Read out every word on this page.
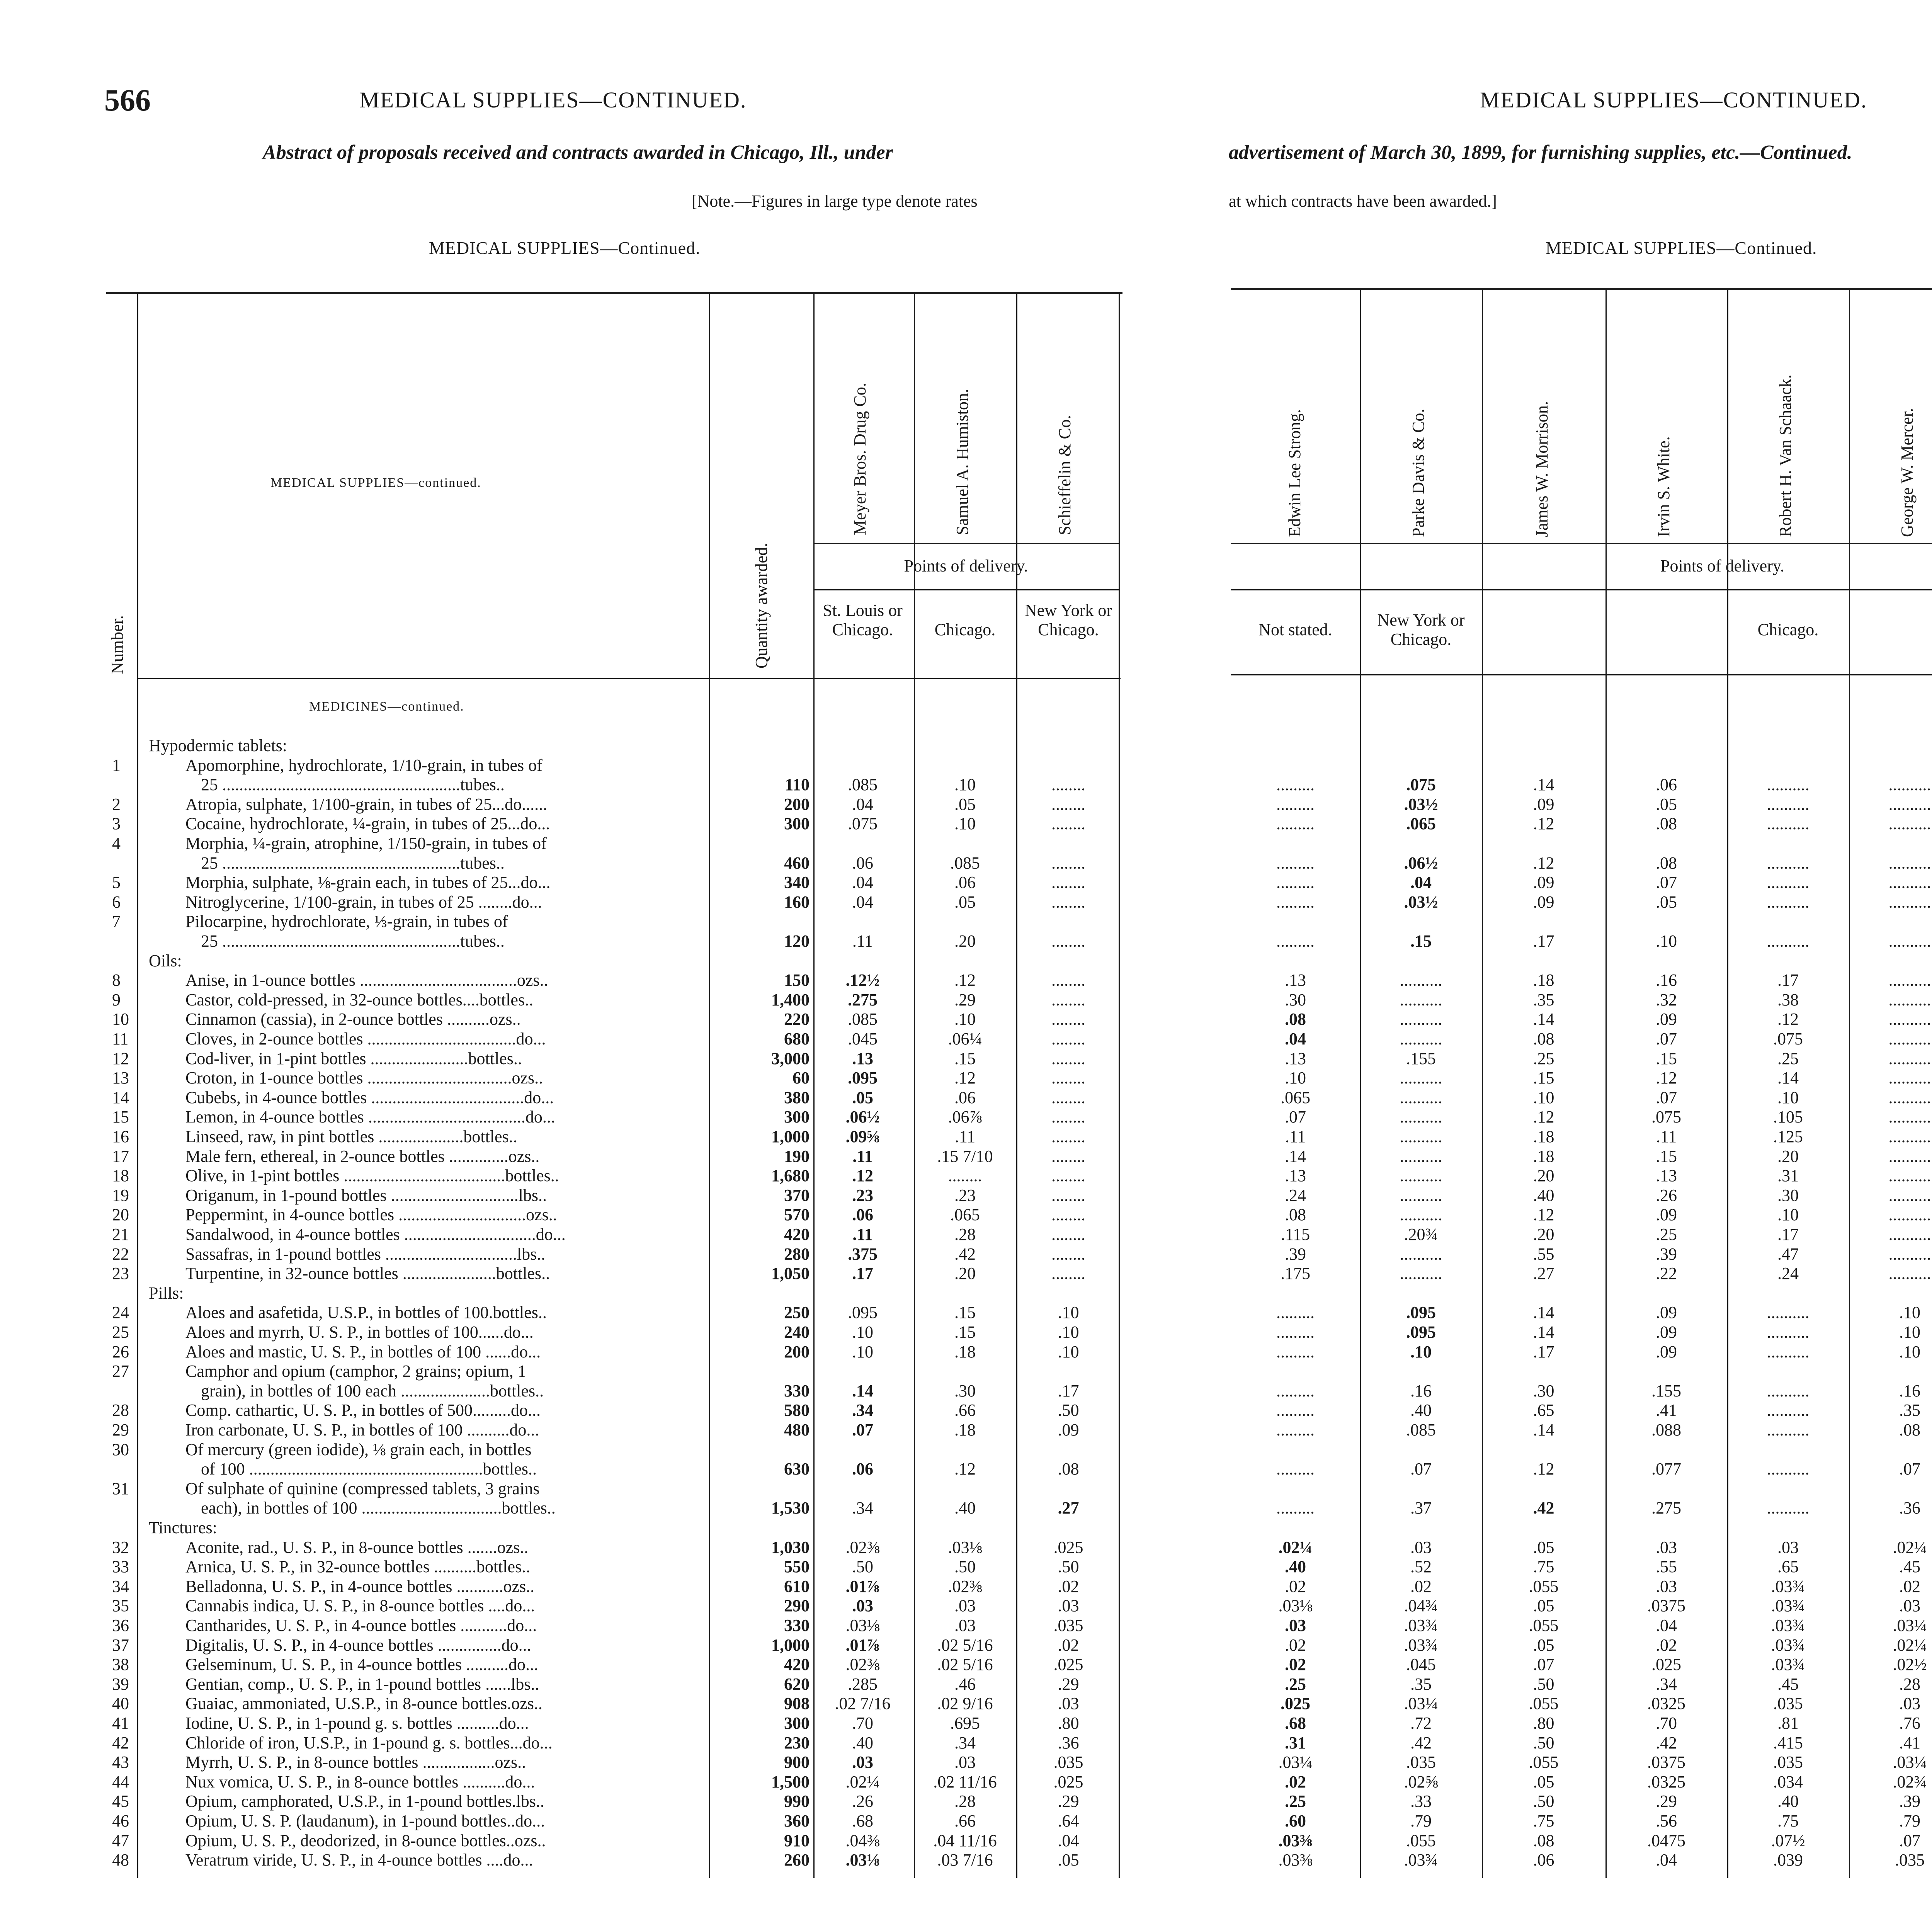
566	MEDICAL SUPPLIES—CONTINUED.
Abstract of proposals received and contracts awarded in Chicago, Ill., under
[Note.—Figures in large type denote rates
MEDICAL SUPPLIES—Continued.
MEDICAL SUPPLIES—CONTINUED.
advertisement of March 30, 1899, for furnishing supplies, etc.—Continued.
at which contracts have been awarded.]
MEDICAL SUPPLIES—Continued.
Number.
MEDICAL SUPPLIES—continued.
Quantity awarded.
Meyer Bros. Drug Co.	Samuel A. Humiston.	Schieffelin & Co.
Points of delivery.
St. Louis or Chicago.	Chicago.
New York or Chicago.
MEDICINES—continued.
Edwin Lee Strong.	Parke Davis & Co.	James W. Morrison.	Irvin S. White.	Robert H. Van Schaack.	George W. Mercer.
Points of delivery.
Not stated.
New York or Chicago.
Chicago.
Hypodermic tablets:
1	Apomorphine, hydrochlorate, 1/10-grain, in tubes of
25 ........................................................tubes..	110	.085	.10	........	.........	.075	.14	.06	..........	..........
2	Atropia, sulphate, 1/100-grain, in tubes of 25...do......	200	.04	.05	........	.........	.03½	.09	.05	..........	..........
3	Cocaine, hydrochlorate, ¼-grain, in tubes of 25...do...	300	.075	.10	........	.........	.065	.12	.08	..........	..........
4	Morphia, ¼-grain, atrophine, 1/150-grain, in tubes of
25 ........................................................tubes..	460	.06	.085	........	.........	.06½	.12	.08	..........	..........
5	Morphia, sulphate, ⅛-grain each, in tubes of 25...do...	340	.04	.06	........	.........	.04	.09	.07	..........	..........
6	Nitroglycerine, 1/100-grain, in tubes of 25 ........do...	160	.04	.05	........	.........	.03½	.09	.05	..........	..........
7	Pilocarpine, hydrochlorate, ⅓-grain, in tubes of
25 ........................................................tubes..	120	.11	.20	........	.........	.15	.17	.10	..........	..........
Oils:
8	Anise, in 1-ounce bottles .....................................ozs..	150	.12½	.12	........	.13	..........	.18	.16	.17	..........
9	Castor, cold-pressed, in 32-ounce bottles....bottles..	1,400	.275	.29	........	.30	..........	.35	.32	.38	..........
10	Cinnamon (cassia), in 2-ounce bottles ..........ozs..	220	.085	.10	........	.08	..........	.14	.09	.12	..........
11	Cloves, in 2-ounce bottles ...................................do...	680	.045	.06¼	........	.04	..........	.08	.07	.075	..........
12	Cod-liver, in 1-pint bottles .......................bottles..	3,000	.13	.15	........	.13	.155	.25	.15	.25	..........
13	Croton, in 1-ounce bottles ..................................ozs..	60	.095	.12	........	.10	..........	.15	.12	.14	..........
14	Cubebs, in 4-ounce bottles ....................................do...	380	.05	.06	........	.065	..........	.10	.07	.10	..........
15	Lemon, in 4-ounce bottles .....................................do...	300	.06½	.06⅞	........	.07	..........	.12	.075	.105	..........
16	Linseed, raw, in pint bottles ....................bottles..	1,000	.09⅝	.11	........	.11	..........	.18	.11	.125	..........
17	Male fern, ethereal, in 2-ounce bottles ..............ozs..	190	.11	.15 7/10	........	.14	..........	.18	.15	.20	..........
18	Olive, in 1-pint bottles ......................................bottles..	1,680	.12	........	........	.13	..........	.20	.13	.31	..........
19	Origanum, in 1-pound bottles ..............................lbs..	370	.23	.23	........	.24	..........	.40	.26	.30	..........
20	Peppermint, in 4-ounce bottles ..............................ozs..	570	.06	.065	........	.08	..........	.12	.09	.10	..........
21	Sandalwood, in 4-ounce bottles ...............................do...	420	.11	.28	........	.115	.20¾	.20	.25	.17	..........
22	Sassafras, in 1-pound bottles ...............................lbs..	280	.375	.42	........	.39	..........	.55	.39	.47	..........
23	Turpentine, in 32-ounce bottles ......................bottles..	1,050	.17	.20	........	.175	..........	.27	.22	.24	..........
Pills:
24	Aloes and asafetida, U.S.P., in bottles of 100.bottles..	250	.095	.15	.10	.........	.095	.14	.09	..........	.10
25	Aloes and myrrh, U. S. P., in bottles of 100......do...	240	.10	.15	.10	.........	.095	.14	.09	..........	.10
26	Aloes and mastic, U. S. P., in bottles of 100 ......do...	200	.10	.18	.10	.........	.10	.17	.09	..........	.10
27	Camphor and opium (camphor, 2 grains; opium, 1
grain), in bottles of 100 each .....................bottles..	330	.14	.30	.17	.........	.16	.30	.155	..........	.16
28	Comp. cathartic, U. S. P., in bottles of 500.........do...	580	.34	.66	.50	.........	.40	.65	.41	..........	.35
29	Iron carbonate, U. S. P., in bottles of 100 ..........do...	480	.07	.18	.09	.........	.085	.14	.088	..........	.08
30	Of mercury (green iodide), ⅛ grain each, in bottles
of 100 .......................................................bottles..	630	.06	.12	.08	.........	.07	.12	.077	..........	.07
31	Of sulphate of quinine (compressed tablets, 3 grains
each), in bottles of 100 .................................bottles..	1,530	.34	.40	.27	.........	.37	.42	.275	..........	.36
Tinctures:
32	Aconite, rad., U. S. P., in 8-ounce bottles .......ozs..	1,030	.02⅜	.03⅛	.025	.02¼	.03	.05	.03	.03	.02¼
33	Arnica, U. S. P., in 32-ounce bottles ..........bottles..	550	.50	.50	.50	.40	.52	.75	.55	.65	.45
34	Belladonna, U. S. P., in 4-ounce bottles ...........ozs..	610	.01⅞	.02⅜	.02	.02	.02	.055	.03	.03¾	.02
35	Cannabis indica, U. S. P., in 8-ounce bottles ....do...	290	.03	.03	.03	.03⅛	.04¾	.05	.0375	.03¾	.03
36	Cantharides, U. S. P., in 4-ounce bottles ...........do...	330	.03⅛	.03	.035	.03	.03¾	.055	.04	.03¾	.03¼
37	Digitalis, U. S. P., in 4-ounce bottles ...............do...	1,000	.01⅞	.02 5/16	.02	.02	.03¾	.05	.02	.03¾	.02¼
38	Gelseminum, U. S. P., in 4-ounce bottles ..........do...	420	.02⅜	.02 5/16	.025	.02	.045	.07	.025	.03¾	.02½
39	Gentian, comp., U. S. P., in 1-pound bottles ......lbs..	620	.285	.46	.29	.25	.35	.50	.34	.45	.28
40	Guaiac, ammoniated, U.S.P., in 8-ounce bottles.ozs..	908	.02 7/16	.02 9/16	.03	.025	.03¼	.055	.0325	.035	.03
41	Iodine, U. S. P., in 1-pound g. s. bottles ..........do...	300	.70	.695	.80	.68	.72	.80	.70	.81	.76
42	Chloride of iron, U.S.P., in 1-pound g. s. bottles...do...	230	.40	.34	.36	.31	.42	.50	.42	.415	.41
43	Myrrh, U. S. P., in 8-ounce bottles .................ozs..	900	.03	.03	.035	.03¼	.035	.055	.0375	.035	.03¼
44	Nux vomica, U. S. P., in 8-ounce bottles ..........do...	1,500	.02¼	.02 11/16	.025	.02	.02⅝	.05	.0325	.034	.02¾
45	Opium, camphorated, U.S.P., in 1-pound bottles.lbs..	990	.26	.28	.29	.25	.33	.50	.29	.40	.39
46	Opium, U. S. P. (laudanum), in 1-pound bottles..do...	360	.68	.66	.64	.60	.79	.75	.56	.75	.79
47	Opium, U. S. P., deodorized, in 8-ounce bottles..ozs..	910	.04⅜	.04 11/16	.04	.03⅜	.055	.08	.0475	.07½	.07
48	Veratrum viride, U. S. P., in 4-ounce bottles ....do...	260	.03⅛	.03 7/16	.05	.03⅜	.03¾	.06	.04	.039	.035
